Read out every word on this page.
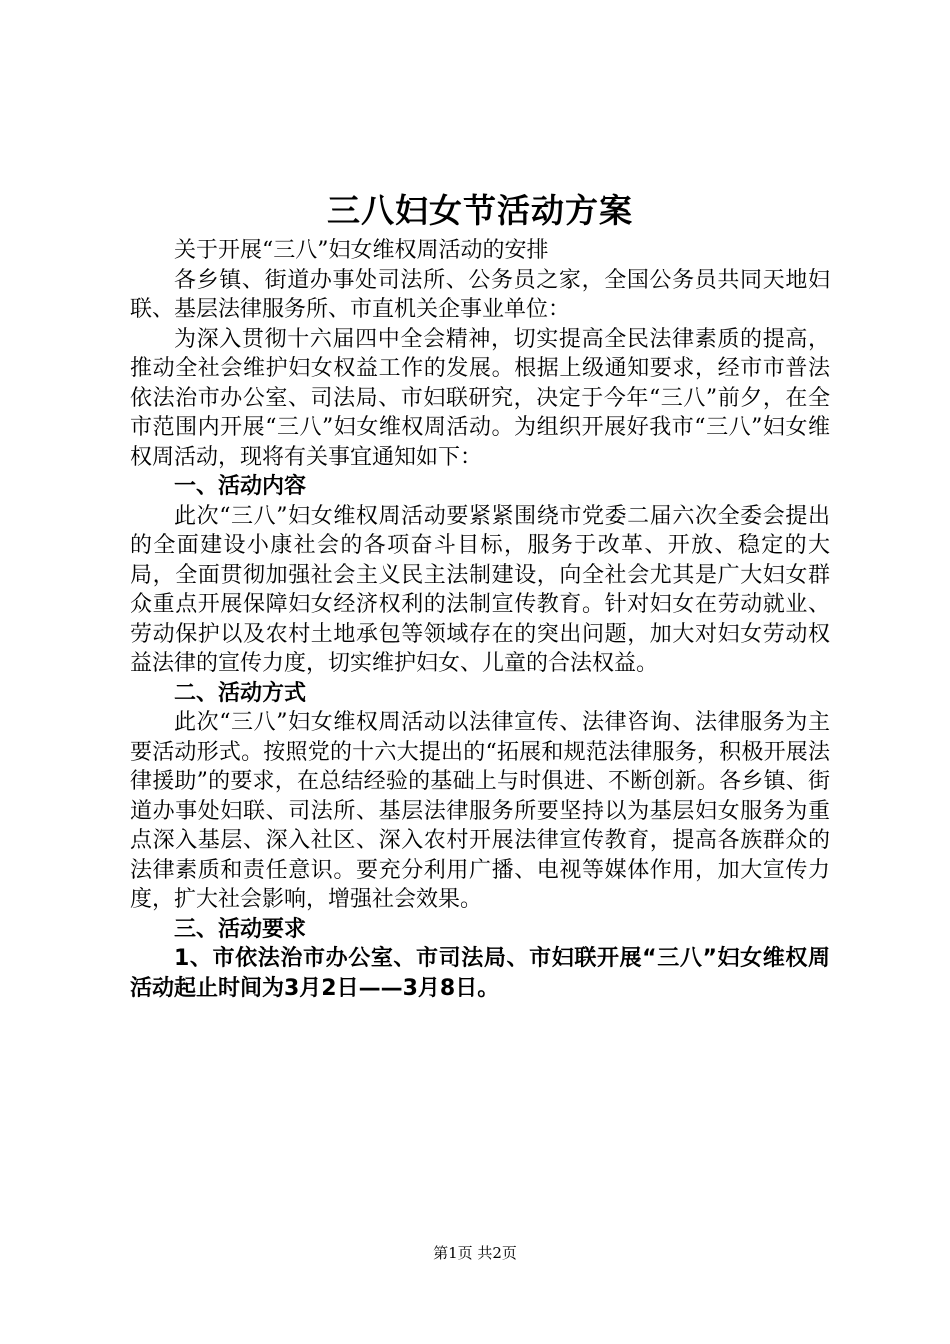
三八妇女节活动方案

关于开展“三八”妇女维权周活动的安排

各乡镇、街道办事处司法所、公务员之家，全国公务员共同天地妇联、基层法律服务所、市直机关企事业单位：

为深入贯彻十六届四中全会精神，切实提高全民法律素质的提高，推动全社会维护妇女权益工作的发展。根据上级通知要求，经市市普法依法治市办公室、司法局、市妇联研究，决定于今年“三八”前夕，在全市范围内开展“三八”妇女维权周活动。为组织开展好我市“三八”妇女维权周活动，现将有关事宜通知如下：

一、活动内容

此次“三八”妇女维权周活动要紧紧围绕市党委二届六次全委会提出的全面建设小康社会的各项奋斗目标，服务于改革、开放、稳定的大局，全面贯彻加强社会主义民主法制建设，向全社会尤其是广大妇女群众重点开展保障妇女经济权利的法制宣传教育。针对妇女在劳动就业、劳动保护以及农村土地承包等领域存在的突出问题，加大对妇女劳动权益法律的宣传力度，切实维护妇女、儿童的合法权益。

二、活动方式

此次“三八”妇女维权周活动以法律宣传、法律咨询、法律服务为主要活动形式。按照党的十六大提出的“拓展和规范法律服务，积极开展法律援助”的要求，在总结经验的基础上与时俱进、不断创新。各乡镇、街道办事处妇联、司法所、基层法律服务所要坚持以为基层妇女服务为重点深入基层、深入社区、深入农村开展法律宣传教育，提高各族群众的法律素质和责任意识。要充分利用广播、电视等媒体作用，加大宣传力度，扩大社会影响，增强社会效果。

三、活动要求

1、市依法治市办公室、市司法局、市妇联开展“三八”妇女维权周活动起止时间为3月2日——3月8日。

第1页 共2页
